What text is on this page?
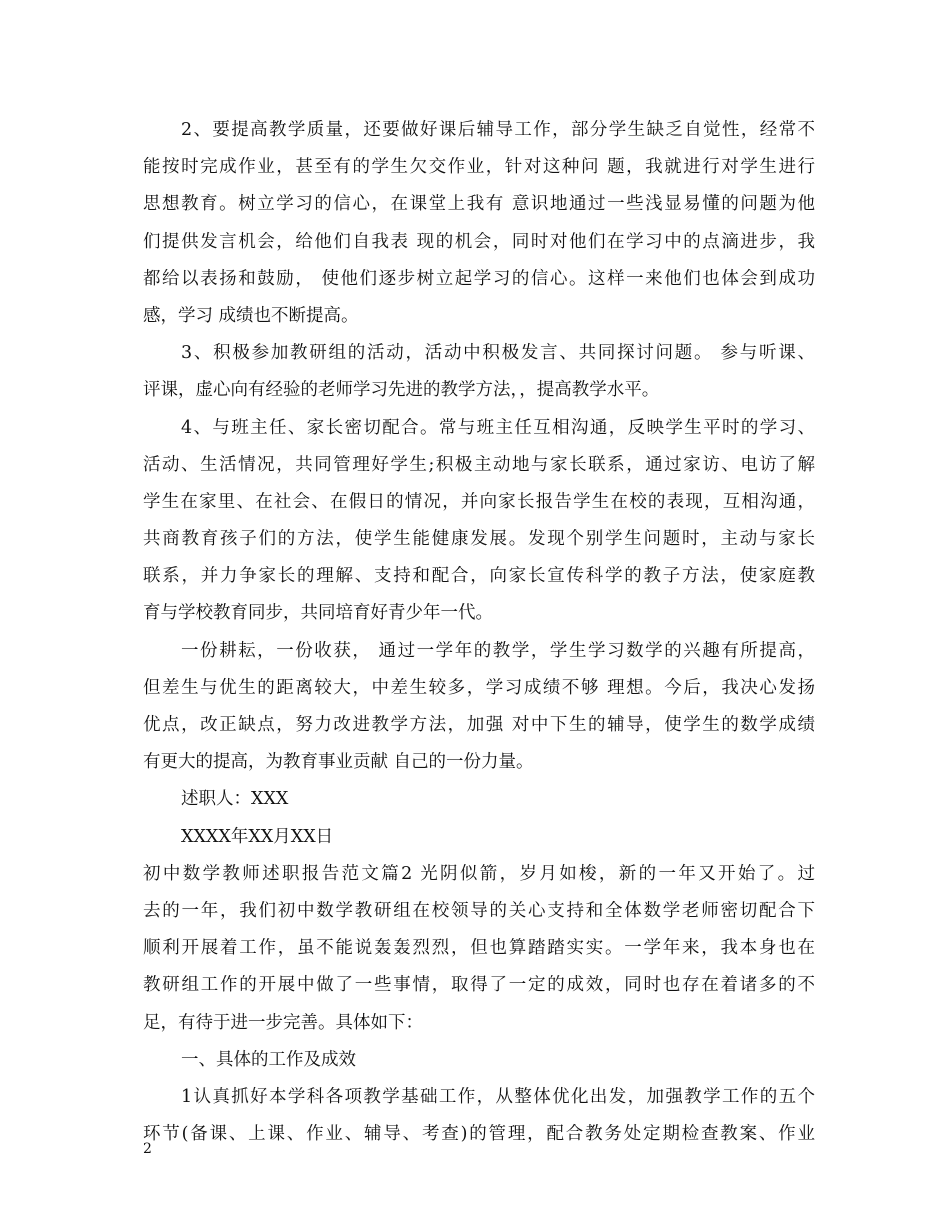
2、要提高教学质量，还要做好课后辅导工作，部分学生缺乏自觉性，经常不
能按时完成作业，甚至有的学生欠交作业，针对这种问 题，我就进行对学生进行
思想教育。树立学习的信心，在课堂上我有 意识地通过一些浅显易懂的问题为他
们提供发言机会，给他们自我表 现的机会，同时对他们在学习中的点滴进步，我
都给以表扬和鼓励， 使他们逐步树立起学习的信心。这样一来他们也体会到成功
感，学习 成绩也不断提高。
3、积极参加教研组的活动，活动中积极发言、共同探讨问题。 参与听课、
评课，虚心向有经验的老师学习先进的教学方法，，提高教学水平。
4、与班主任、家长密切配合。常与班主任互相沟通，反映学生平时的学习、
活动、生活情况，共同管理好学生;积极主动地与家长联系，通过家访、电访了解
学生在家里、在社会、在假日的情况，并向家长报告学生在校的表现，互相沟通，
共商教育孩子们的方法，使学生能健康发展。发现个别学生问题时，主动与家长
联系，并力争家长的理解、支持和配合，向家长宣传科学的教子方法，使家庭教
育与学校教育同步，共同培育好青少年一代。
一份耕耘，一份收获， 通过一学年的教学，学生学习数学的兴趣有所提高，
但差生与优生的距离较大，中差生较多，学习成绩不够 理想。今后，我决心发扬
优点，改正缺点，努力改进教学方法，加强 对中下生的辅导，使学生的数学成绩
有更大的提高，为教育事业贡献 自己的一份力量。
述职人：XXX
XXXX年XX月XX日
初中数学教师述职报告范文篇2 光阴似箭，岁月如梭，新的一年又开始了。过
去的一年，我们初中数学教研组在校领导的关心支持和全体数学老师密切配合下
顺利开展着工作，虽不能说轰轰烈烈，但也算踏踏实实。一学年来，我本身也在
教研组工作的开展中做了一些事情，取得了一定的成效，同时也存在着诸多的不
足，有待于进一步完善。具体如下：
一、具体的工作及成效
1认真抓好本学科各项教学基础工作，从整体优化出发，加强教学工作的五个
环节(备课、上课、作业、辅导、考查)的管理，配合教务处定期检查教案、作业
2
